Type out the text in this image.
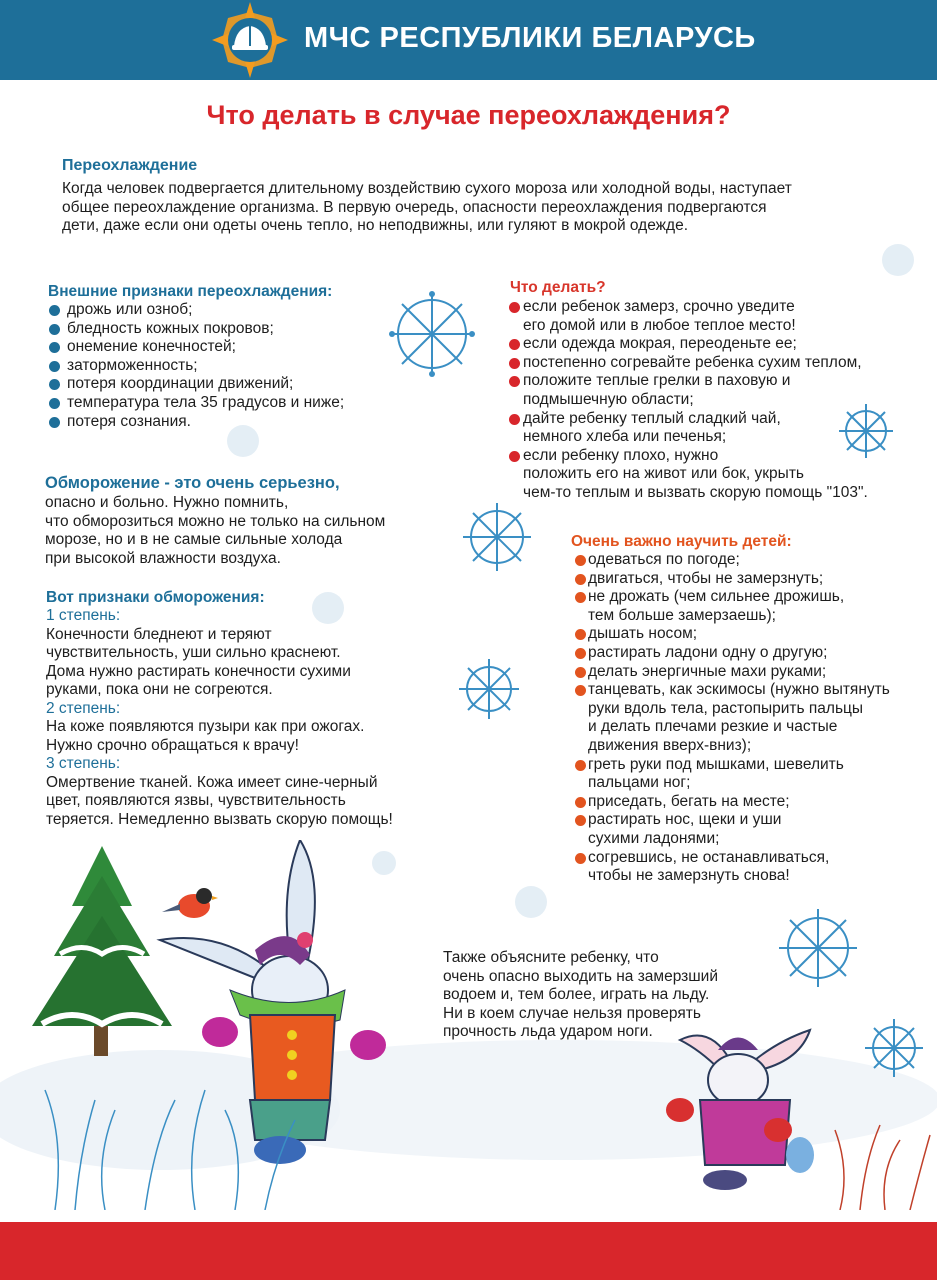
МЧС РЕСПУБЛИКИ БЕЛАРУСЬ
Что делать в случае переохлаждения?
Переохлаждение
Когда человек подвергается длительному воздействию сухого мороза или холодной воды, наступает
общее переохлаждение организма. В первую очередь, опасности переохлаждения подвергаются
дети, даже если они одеты очень тепло, но неподвижны, или гуляют в мокрой одежде.
Внешние признаки переохлаждения:
дрожь или озноб;
бледность кожных покровов;
онемение конечностей;
заторможенность;
потеря координации движений;
температура тела 35 градусов и ниже;
потеря сознания.
Обморожение - это очень серьезно,
опасно и больно. Нужно помнить,
что обморозиться можно не только на сильном
морозе, но и в не самые сильные холода
при высокой влажности воздуха.
Вот признаки обморожения:
1 степень:
Конечности бледнеют и теряют
чувствительность, уши сильно краснеют.
Дома нужно растирать конечности сухими
руками, пока они не согреются.
2 степень:
На коже появляются пузыри как при ожогах.
Нужно срочно обращаться к врачу!
3 степень:
Омертвение тканей. Кожа имеет сине-черный
цвет, появляются язвы, чувствительность
теряется. Немедленно вызвать скорую помощь!
Что делать?
если ребенок замерз, срочно уведите
его домой или в любое теплое место!
если одежда мокрая, переоденьте ее;
постепенно согревайте ребенка сухим теплом,
положите теплые грелки в паховую и
подмышечную области;
дайте ребенку теплый сладкий чай,
немного хлеба или печенья;
если ребенку плохо, нужно
положить его на живот или бок, укрыть
чем-то теплым и вызвать скорую помощь "103".
Очень важно научить детей:
одеваться по погоде;
двигаться, чтобы не замерзнуть;
не дрожать (чем сильнее дрожишь,
тем больше замерзаешь);
дышать носом;
растирать ладони одну о другую;
делать энергичные махи руками;
танцевать, как эскимосы (нужно вытянуть
руки вдоль тела, растопырить пальцы
и делать плечами резкие и частые
движения вверх-вниз);
греть руки под мышками, шевелить
пальцами ног;
приседать, бегать на месте;
растирать нос, щеки и уши
сухими ладонями;
согревшись, не останавливаться,
чтобы не замерзнуть снова!
Также объясните ребенку, что
очень опасно выходить на замерзший
водоем и, тем более, играть на льду.
Ни в коем случае нельзя проверять
прочность льда ударом ноги.
